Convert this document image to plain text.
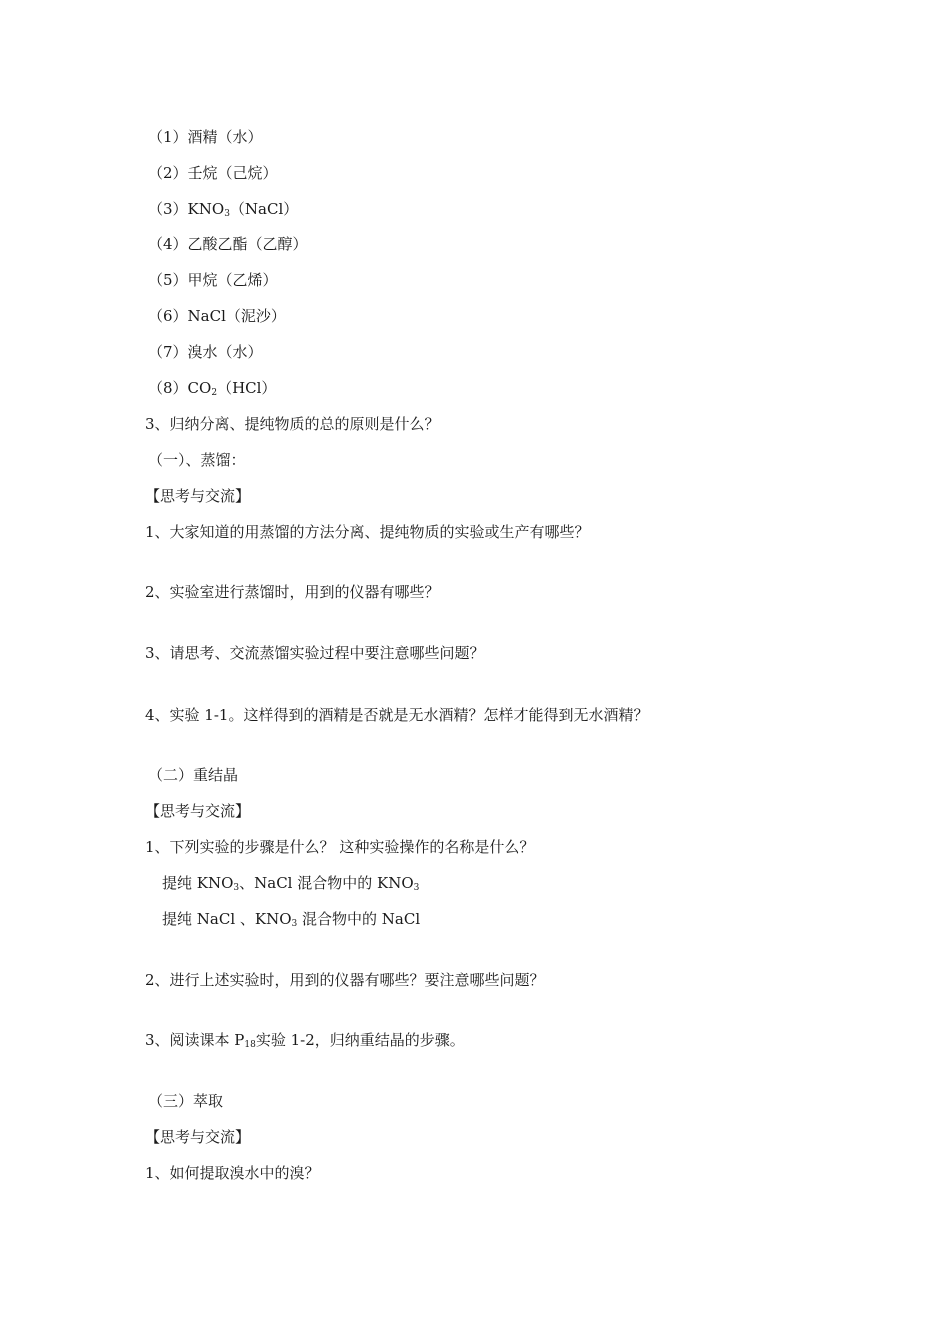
（1）酒精（水）
（2）壬烷（己烷）
$(3)KNO_3(NaCl)$
（4）乙酸乙酯（乙醇）
（5）甲烷（乙烯）
（6）NaCl（泥沙）
（7）溴水（水）
$(8)CO_2(HCl)$
3、归纳分离、提纯物质的总的原则是什么？
（一）、蒸馏：
【思考与交流】
1、大家知道的用蒸馏的方法分离、提纯物质的实验或生产有哪些？
2、实验室进行蒸馏时，用到的仪器有哪些？
3、请思考、交流蒸馏实验过程中要注意哪些问题？
4、实验 1-1。这样得到的酒精是否就是无水酒精？怎样才能得到无水酒精？
（二）重结晶
【思考与交流】
1、下列实验的步骤是什么？ 这种实验操作的名称是什么？
提纯 $KNO_3$、NaCl 混合物中的 $KNO_3$
提纯 NaCl 、$KNO_3$ 混合物中的 NaCl
2、进行上述实验时，用到的仪器有哪些？要注意哪些问题？
3、阅读课本 $P_{18}$实验 1-2，归纳重结晶的步骤。
（三）萃取
【思考与交流】
1、如何提取溴水中的溴？
